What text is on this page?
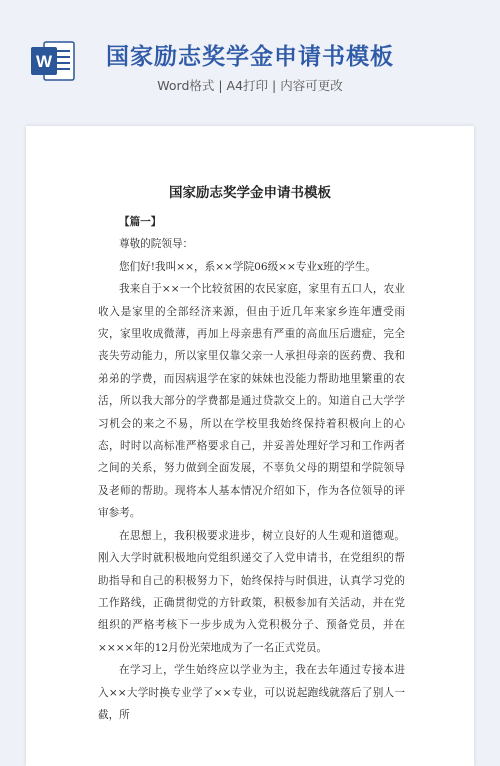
W 国家励志奖学金申请书模板

Word格式 | A4打印 | 内容可更改

国家励志奖学金申请书模板

【篇一】

尊敬的院领导：

您们好!我叫××，系××学院06级××专业x班的学生。

我来自于××一个比较贫困的农民家庭，家里有五口人，农业收入是家里的全部经济来源，但由于近几年来家乡连年遭受雨灾，家里收成微薄，再加上母亲患有严重的高血压后遗症，完全丧失劳动能力，所以家里仅靠父亲一人承担母亲的医药费、我和弟弟的学费，而因病退学在家的妹妹也没能力帮助地里繁重的农活，所以我大部分的学费都是通过贷款交上的。知道自己大学学习机会的来之不易，所以在学校里我始终保持着积极向上的心态，时时以高标准严格要求自己，并妥善处理好学习和工作两者之间的关系，努力做到全面发展，不辜负父母的期望和学院领导及老师的帮助。现将本人基本情况介绍如下，作为各位领导的评审参考。

在思想上，我积极要求进步，树立良好的人生观和道德观。刚入大学时就积极地向党组织递交了入党申请书，在党组织的帮助指导和自己的积极努力下，始终保持与时俱进，认真学习党的工作路线，正确贯彻党的方针政策，积极参加有关活动，并在党组织的严格考核下一步步成为入党积极分子、预备党员，并在××××年的12月份光荣地成为了一名正式党员。

在学习上，学生始终应以学业为主，我在去年通过专接本进入××大学时换专业学了××专业，可以说起跑线就落后了别人一截，所
